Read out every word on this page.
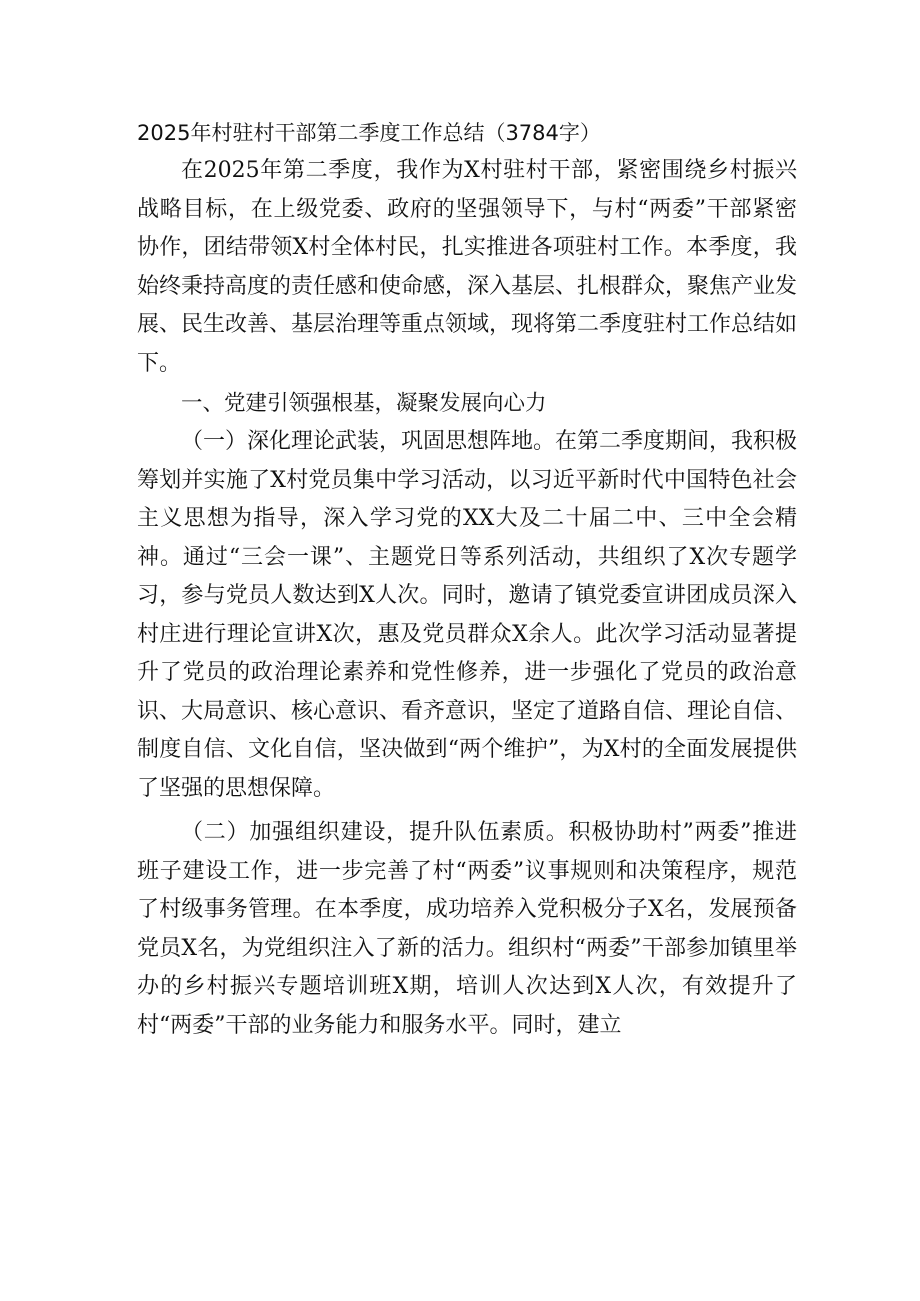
2025年村驻村干部第二季度工作总结（3784字）

在2025年第二季度，我作为X村驻村干部，紧密围绕乡村振兴战略目标，在上级党委、政府的坚强领导下，与村“两委”干部紧密协作，团结带领X村全体村民，扎实推进各项驻村工作。本季度，我始终秉持高度的责任感和使命感，深入基层、扎根群众，聚焦产业发展、民生改善、基层治理等重点领域，现将第二季度驻村工作总结如下。

一、党建引领强根基，凝聚发展向心力

（一）深化理论武装，巩固思想阵地。在第二季度期间，我积极筹划并实施了X村党员集中学习活动，以习近平新时代中国特色社会主义思想为指导，深入学习党的XX大及二十届二中、三中全会精神。通过“三会一课”、主题党日等系列活动，共组织了X次专题学习，参与党员人数达到X人次。同时，邀请了镇党委宣讲团成员深入村庄进行理论宣讲X次，惠及党员群众X余人。此次学习活动显著提升了党员的政治理论素养和党性修养，进一步强化了党员的政治意识、大局意识、核心意识、看齐意识，坚定了道路自信、理论自信、制度自信、文化自信，坚决做到“两个维护”，为X村的全面发展提供了坚强的思想保障。

（二）加强组织建设，提升队伍素质。积极协助村”两委”推进班子建设工作，进一步完善了村“两委”议事规则和决策程序，规范了村级事务管理。在本季度，成功培养入党积极分子X名，发展预备党员X名，为党组织注入了新的活力。组织村“两委”干部参加镇里举办的乡村振兴专题培训班X期，培训人次达到X人次，有效提升了村“两委”干部的业务能力和服务水平。同时，建立
